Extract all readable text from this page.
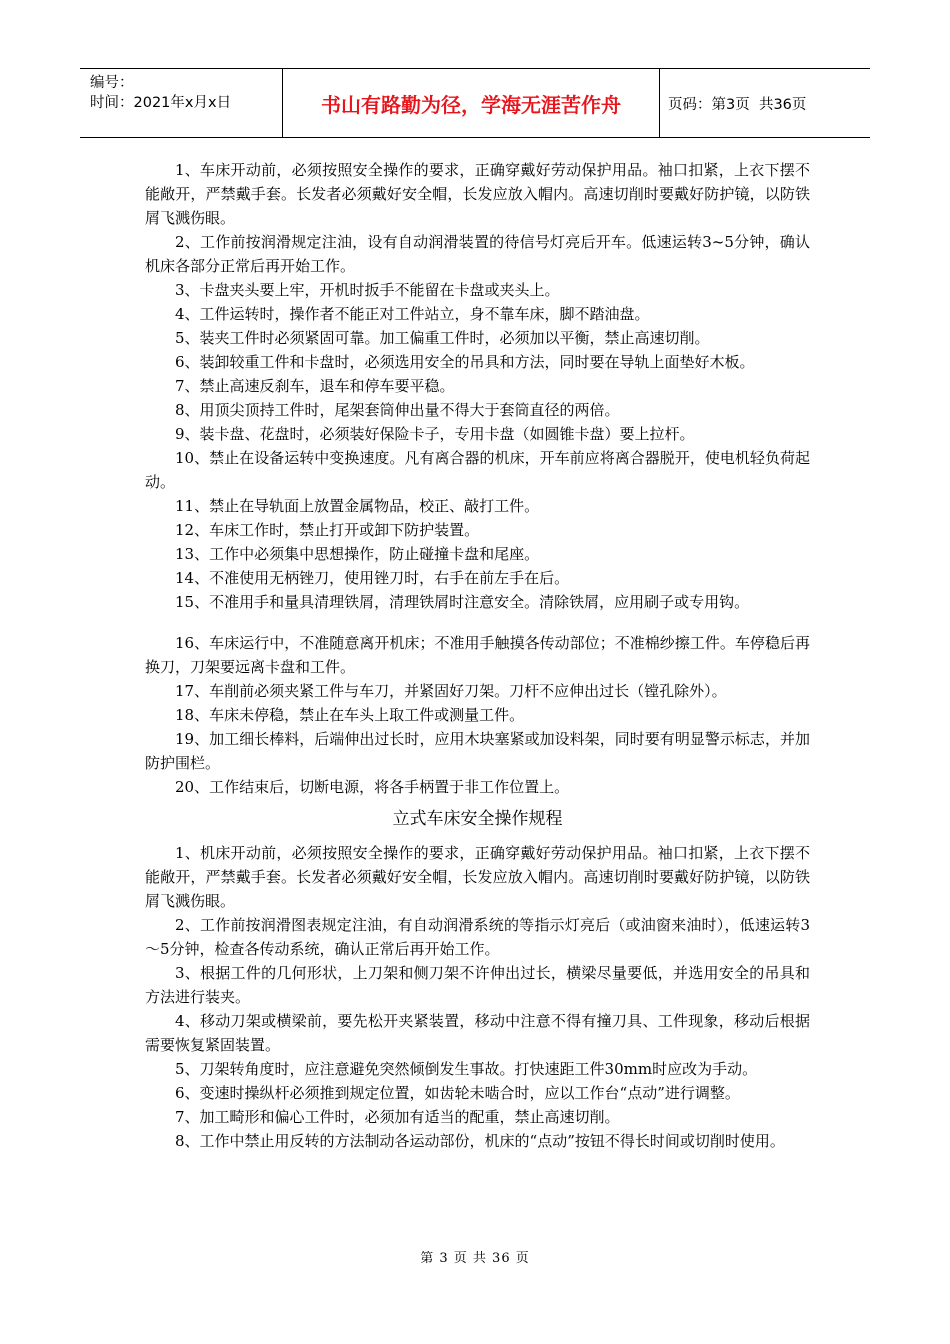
编号：
时间：2021年x月x日	书山有路勤为径，学海无涯苦作舟	页码：第3页  共36页

1、车床开动前，必须按照安全操作的要求，正确穿戴好劳动保护用品。袖口扣紧，上衣下摆不能敞开，严禁戴手套。长发者必须戴好安全帽，长发应放入帽内。高速切削时要戴好防护镜，以防铁屑飞溅伤眼。

2、工作前按润滑规定注油，设有自动润滑装置的待信号灯亮后开车。低速运转3~5分钟，确认机床各部分正常后再开始工作。

3、卡盘夹头要上牢，开机时扳手不能留在卡盘或夹头上。

4、工件运转时，操作者不能正对工件站立，身不靠车床，脚不踏油盘。

5、装夹工件时必须紧固可靠。加工偏重工件时，必须加以平衡，禁止高速切削。

6、装卸较重工件和卡盘时，必须选用安全的吊具和方法，同时要在导轨上面垫好木板。

7、禁止高速反刹车，退车和停车要平稳。

8、用顶尖顶持工件时，尾架套筒伸出量不得大于套筒直径的两倍。

9、装卡盘、花盘时，必须装好保险卡子，专用卡盘（如圆锥卡盘）要上拉杆。

10、禁止在设备运转中变换速度。凡有离合器的机床，开车前应将离合器脱开，使电机轻负荷起动。

11、禁止在导轨面上放置金属物品，校正、敲打工件。

12、车床工作时，禁止打开或卸下防护装置。

13、工作中必须集中思想操作，防止碰撞卡盘和尾座。

14、不准使用无柄锉刀，使用锉刀时，右手在前左手在后。

15、不准用手和量具清理铁屑，清理铁屑时注意安全。清除铁屑，应用刷子或专用钩。

16、车床运行中，不准随意离开机床；不准用手触摸各传动部位；不准棉纱擦工件。车停稳后再换刀，刀架要远离卡盘和工件。

17、车削前必须夹紧工件与车刀，并紧固好刀架。刀杆不应伸出过长（镗孔除外）。

18、车床未停稳，禁止在车头上取工件或测量工件。

19、加工细长棒料，后端伸出过长时，应用木块塞紧或加设料架，同时要有明显警示标志，并加防护围栏。

20、工作结束后，切断电源，将各手柄置于非工作位置上。

立式车床安全操作规程

1、机床开动前，必须按照安全操作的要求，正确穿戴好劳动保护用品。袖口扣紧，上衣下摆不能敞开，严禁戴手套。长发者必须戴好安全帽，长发应放入帽内。高速切削时要戴好防护镜，以防铁屑飞溅伤眼。

2、工作前按润滑图表规定注油，有自动润滑系统的等指示灯亮后（或油窗来油时），低速运转3～5分钟，检查各传动系统，确认正常后再开始工作。

3、根据工件的几何形状，上刀架和侧刀架不许伸出过长，横梁尽量要低，并选用安全的吊具和方法进行装夹。

4、移动刀架或横梁前，要先松开夹紧装置，移动中注意不得有撞刀具、工件现象，移动后根据需要恢复紧固装置。

5、刀架转角度时，应注意避免突然倾倒发生事故。打快速距工件30mm时应改为手动。

6、变速时操纵杆必须推到规定位置，如齿轮未啮合时，应以工作台“点动”进行调整。

7、加工畸形和偏心工件时，必须加有适当的配重，禁止高速切削。

8、工作中禁止用反转的方法制动各运动部份，机床的“点动”按钮不得长时间或切削时使用。

第 3 页 共 36 页
